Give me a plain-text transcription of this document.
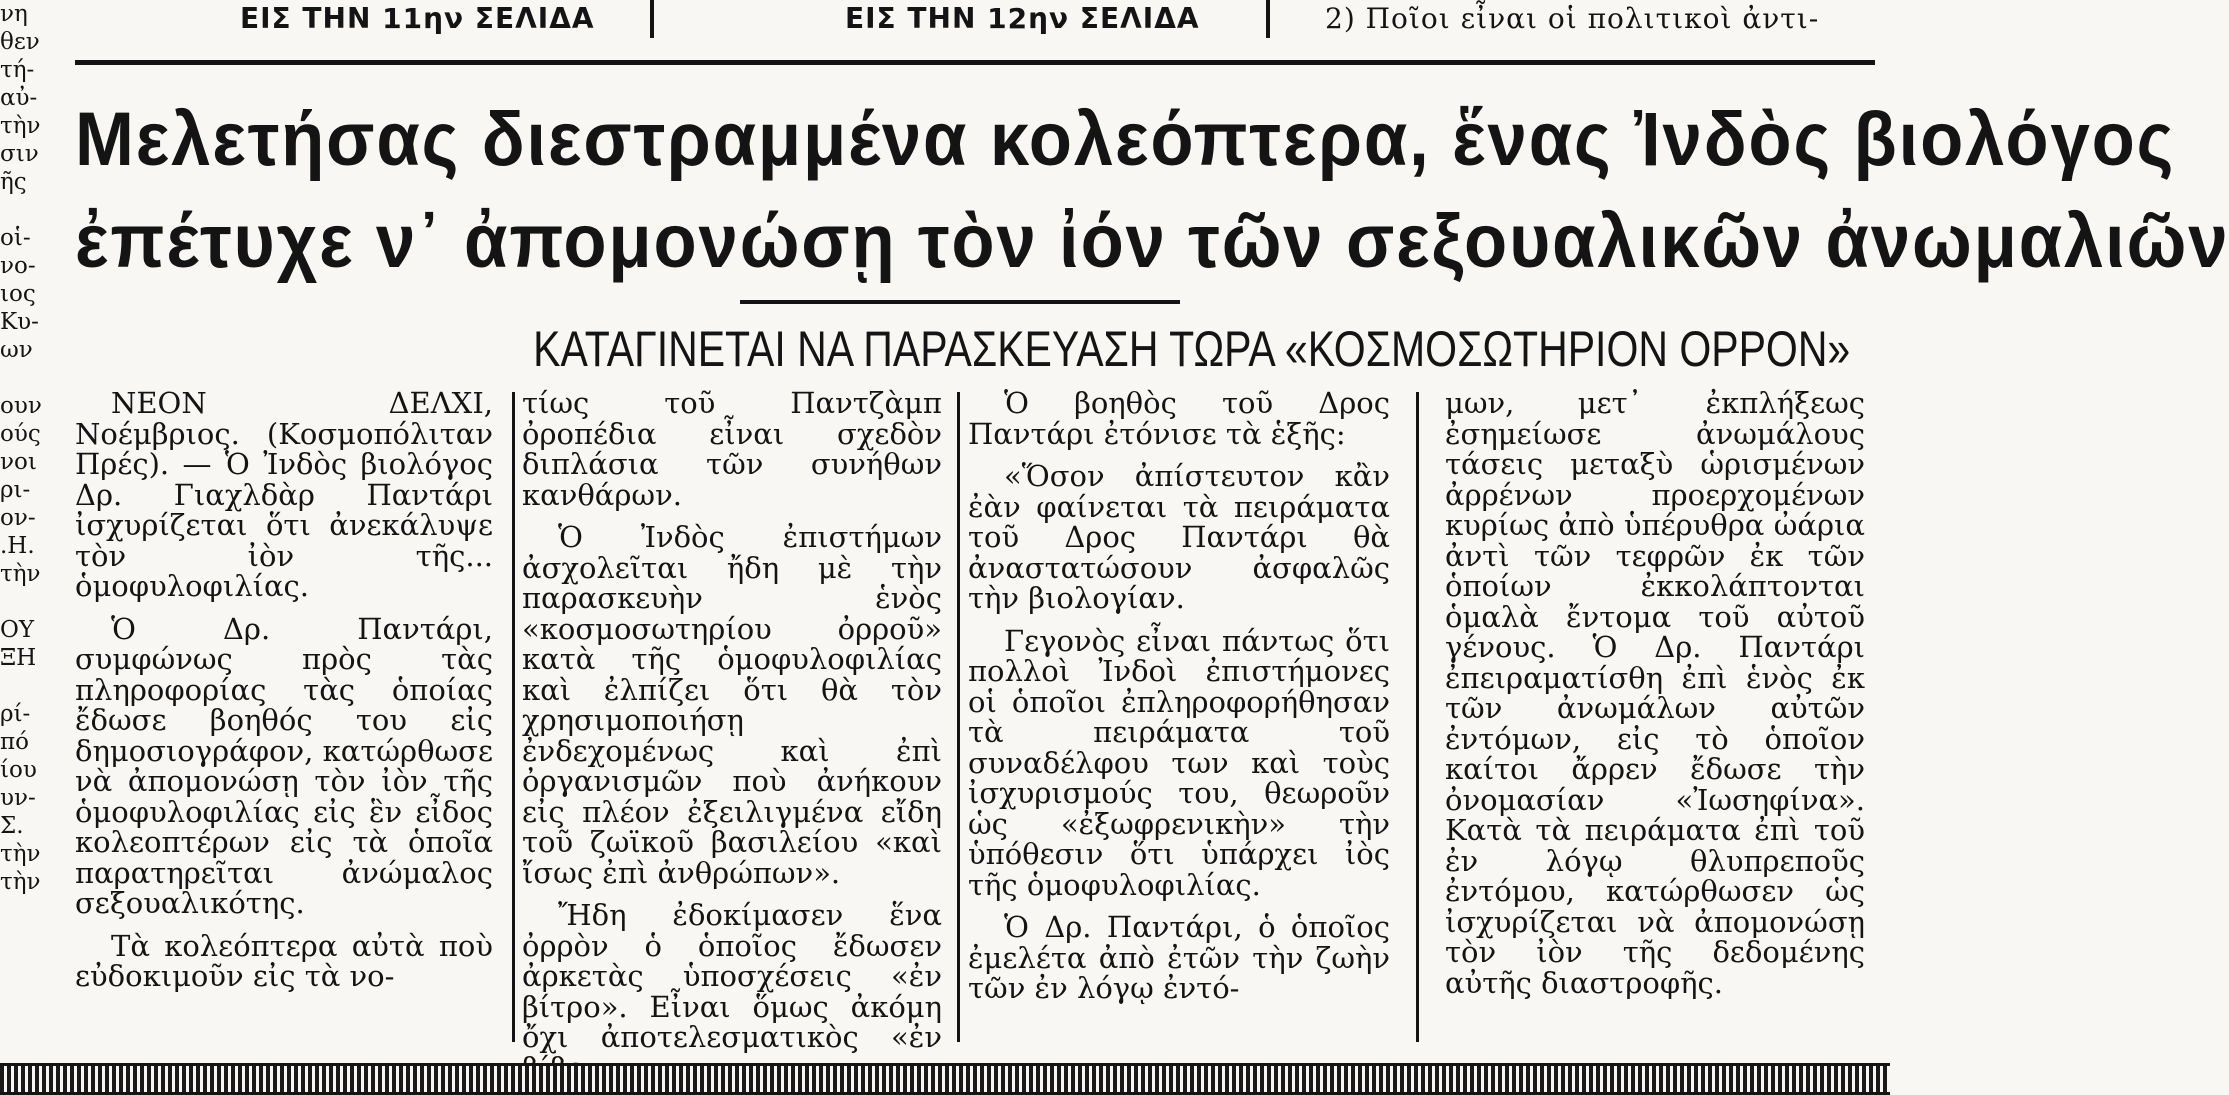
ΕΙΣ ΤΗΝ 11ην ΣΕΛΙΔΑ	ΕΙΣ ΤΗΝ 12ην ΣΕΛΙΔΑ	2) Ποῖοι εἶναι οἱ πολιτικοὶ ἀντι-
νη
θεν
τή-
αὐ-
τὴν
σιν
ῆς

οἱ-
νο-
ιος
Κυ-
ων

ουν
ούς
νοι
ρι-
ον-
.Η.
τὴν

ΟΥ
ΞΗ

ρί-
πό
ίου
υν-
Σ.
τὴν
τὴν
Μελετήσας διεστραμμένα κολεόπτερα, ἕνας Ἰνδὸς βιολόγος
ἐπέτυχε ν᾿ ἀπομονώσῃ τὸν ἰόν τῶν σεξουαλικῶν ἀνωμαλιῶν
ΚΑΤΑΓΙΝΕΤΑΙ ΝΑ ΠΑΡΑΣΚΕΥΑΣΗ ΤΩΡΑ «ΚΟΣΜΟΣΩΤΗΡΙΟΝ ΟΡΡΟΝ»

ΝΕΟΝ ΔΕΛΧΙ, Νοέμβριος. (Κοσμοπόλιταν Πρές). — Ὁ Ἰνδὸς βιολόγος Δρ. Γιαχλδὰρ Παντάρι ἰσχυρίζεται ὅτι ἀνεκάλυψε τὸν ἰὸν τῆς... ὁμοφυλοφιλίας.

Ὁ Δρ. Παντάρι, συμφώνως πρὸς τὰς πληροφορίας τὰς ὁποίας ἔδωσε βοηθός του εἰς δημοσιογράφον, κατώρθωσε νὰ ἀπομονώσῃ τὸν ἰὸν τῆς ὁμοφυλοφιλίας εἰς ἓν εἶδος κολεοπτέρων εἰς τὰ ὁποῖα παρατηρεῖται ἀνώμαλος σεξουαλικότης.

Τὰ κολεόπτερα αὐτὰ ποὺ εὐδοκιμοῦν εἰς τὰ νο-

τίως τοῦ Παντζὰμπ ὀροπέδια εἶναι σχεδὸν διπλάσια τῶν συνήθων κανθάρων.

Ὁ Ἰνδὸς ἐπιστήμων ἀσχολεῖται ἤδη μὲ τὴν παρασκευὴν ἑνὸς «κοσμοσωτηρίου ὀρροῦ» κατὰ τῆς ὁμοφυλοφιλίας καὶ ἐλπίζει ὅτι θὰ τὸν χρησιμοποιήσῃ ἐνδεχομένως καὶ ἐπὶ ὀργανισμῶν ποὺ ἀνήκουν εἰς πλέον ἐξειλιγμένα εἴδη τοῦ ζωϊκοῦ βασιλείου «καὶ ἴσως ἐπὶ ἀνθρώπων».

Ἤδη ἐδοκίμασεν ἕνα ὀρρὸν ὁ ὁποῖος ἔδωσεν ἀρκετὰς ὑποσχέσεις «ἐν βίτρο». Εἶναι ὅμως ἀκόμη ὄχι ἀποτελεσματικὸς «ἐν

Ὁ βοηθὸς τοῦ Δρος Παντάρι ἐτόνισε τὰ ἑξῆς:

«Ὅσον ἀπίστευτον κἂν ἐὰν φαίνεται τὰ πειράματα τοῦ Δρος Παντάρι θὰ ἀναστατώσουν ἀσφαλῶς τὴν βιολογίαν.

Γεγονὸς εἶναι πάντως ὅτι πολλοὶ Ἰνδοὶ ἐπιστήμονες οἱ ὁποῖοι ἐπληροφορήθησαν τὰ πειράματα τοῦ συναδέλφου των καὶ τοὺς ἰσχυρισμούς του, θεωροῦν ὡς «ἐξωφρενικὴν» τὴν ὑπόθεσιν ὅτι ὑπάρχει ἰὸς τῆς ὁμοφυλοφιλίας.

Ὁ Δρ. Παντάρι, ὁ ὁποῖος ἐμελέτα ἀπὸ ἐτῶν τὴν ζωὴν τῶν ἐν λόγῳ ἐντό-

μων, μετ᾿ ἐκπλήξεως ἐσημείωσε ἀνωμάλους τάσεις μεταξὺ ὡρισμένων ἀρρένων προερχομένων κυρίως ἀπὸ ὑπέρυθρα ὠάρια ἀντὶ τῶν τεφρῶν ἐκ τῶν ὁποίων ἐκκολάπτονται ὁμαλὰ ἔντομα τοῦ αὐτοῦ γένους. Ὁ Δρ. Παντάρι ἐπειραματίσθη ἐπὶ ἑνὸς ἐκ τῶν ἀνωμάλων αὐτῶν ἐντόμων, εἰς τὸ ὁποῖον καίτοι ἄρρεν ἔδωσε τὴν ὀνομασίαν «Ἰωσηφίνα». Κατὰ τὰ πειράματα ἐπὶ τοῦ ἐν λόγῳ θλυπρεποῦς ἐντόμου, κατώρθωσεν ὡς ἰσχυρίζεται νὰ ἀπομονώσῃ τὸν ἰὸν τῆς δεδομένης αὐτῆς διαστροφῆς.
